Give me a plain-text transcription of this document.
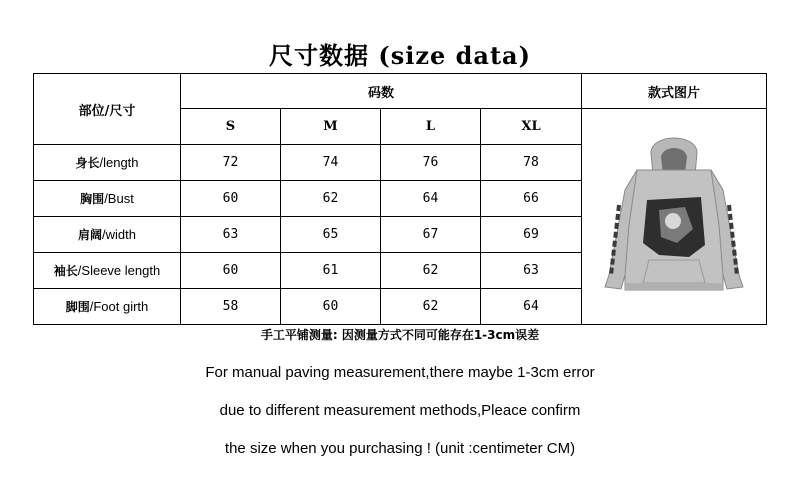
尺寸数据 (size data)
部位/尺寸	码数				款式图片
	S	M	L	XL	
身长/length	72	74	76	78	
胸围/Bust	60	62	64	66	
肩阔/width	63	65	67	69	
袖长/Sleeve length	60	61	62	63	
脚围/Foot girth	58	60	62	64	
手工平铺测量: 因测量方式不同可能存在1-3cm误差
For manual paving measurement,there maybe 1-3cm error
due to different measurement methods,Pleace confirm
the size when you purchasing ! (unit :centimeter CM)
